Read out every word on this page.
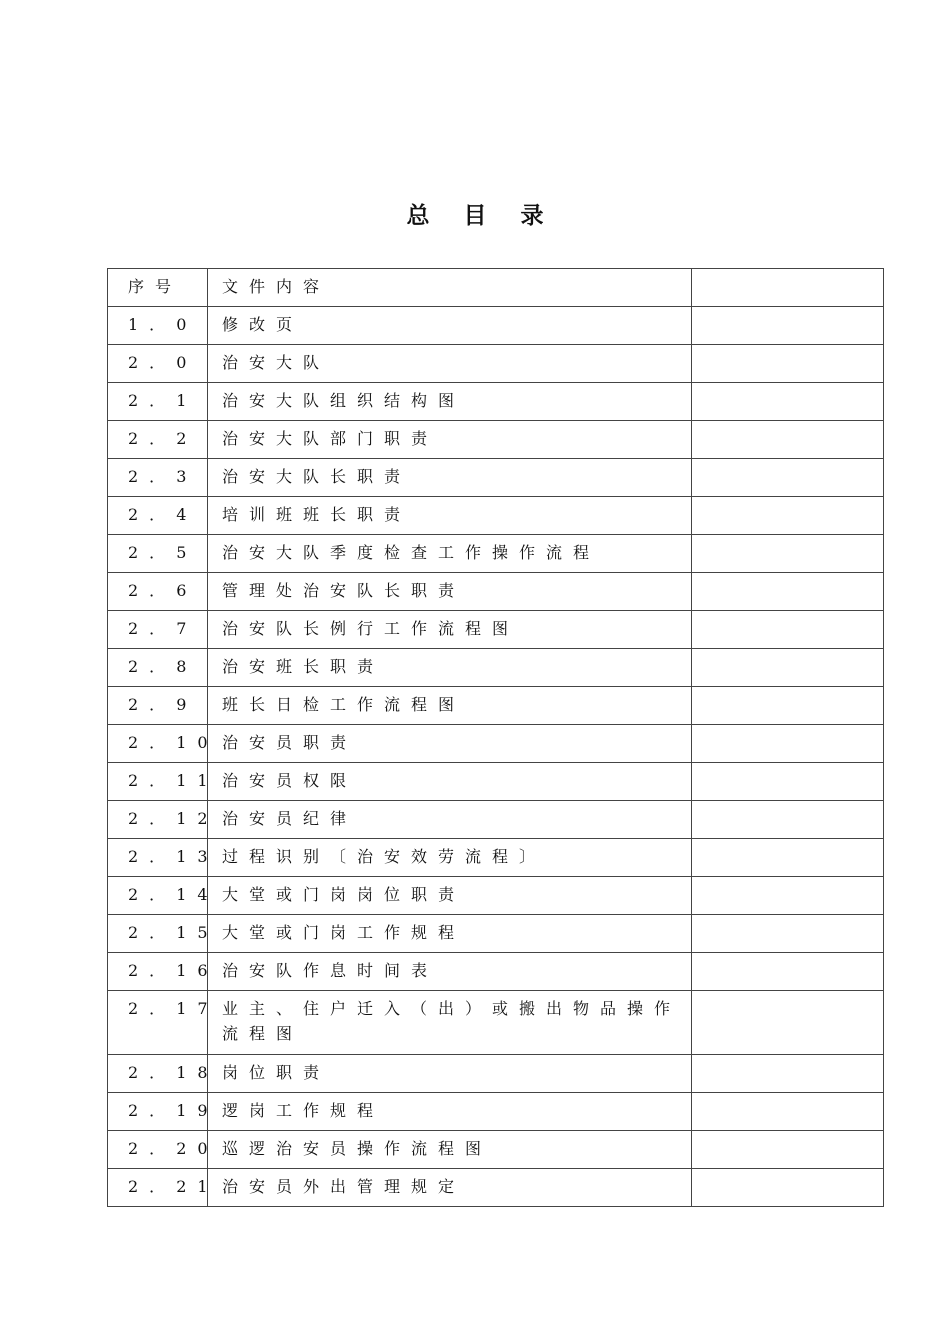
总 目 录
序号	文件内容	

1． 0	修改页	

2． 0	治安大队	

2． 1	治安大队组织结构图	

2． 2	治安大队部门职责	

2． 3	治安大队长职责	

2． 4	培训班班长职责	

2． 5	治安大队季度检查工作操作流程	

2． 6	管理处治安队长职责	

2． 7	治安队长例行工作流程图	

2． 8	治安班长职责	

2． 9	班长日检工作流程图	

2． 10	治安员职责	

2． 11	治安员权限	

2． 12	治安员纪律	

2． 13	过程识别〔治安效劳流程〕	

2． 14	大堂或门岗岗位职责	

2． 15	大堂或门岗工作规程	

2． 16	治安队作息时间表	

2． 17	业主、住户迁入（出）或搬出物品操作流程图	

2． 18	岗位职责	

2． 19	逻岗工作规程	

2． 20	巡逻治安员操作流程图	

2． 21	治安员外出管理规定	
